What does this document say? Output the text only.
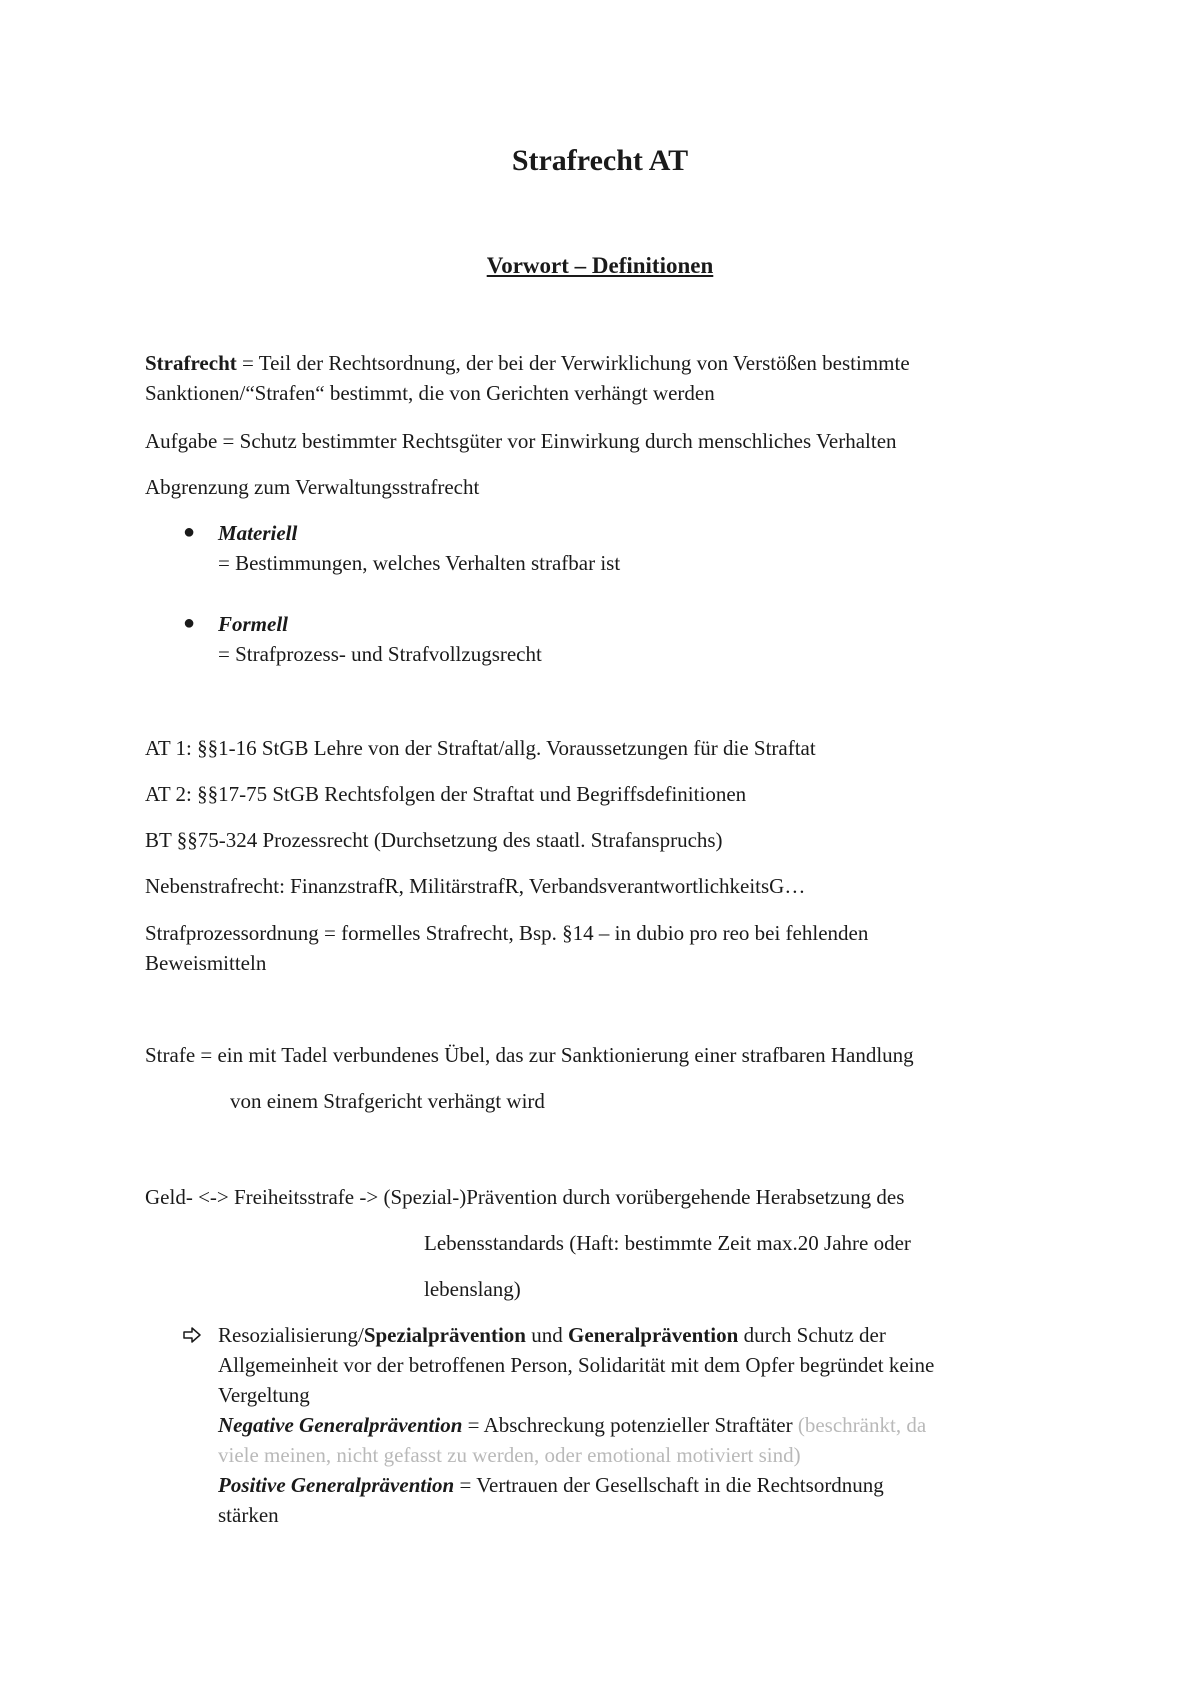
Strafrecht AT
Vorwort – Definitionen

Strafrecht = Teil der Rechtsordnung, der bei der Verwirklichung von Verstößen bestimmte

Sanktionen/“Strafen“ bestimmt, die von Gerichten verhängt werden

Aufgabe = Schutz bestimmter Rechtsgüter vor Einwirkung durch menschliches Verhalten

Abgrenzung zum Verwaltungsstrafrecht

● Materiell

= Bestimmungen, welches Verhalten strafbar ist

● Formell

= Strafprozess- und Strafvollzugsrecht

AT 1: §§1-16 StGB Lehre von der Straftat/allg. Voraussetzungen für die Straftat

AT 2: §§17-75 StGB Rechtsfolgen der Straftat und Begriffsdefinitionen

BT §§75-324 Prozessrecht (Durchsetzung des staatl. Strafanspruchs)

Nebenstrafrecht: FinanzstrafR, MilitärstrafR, VerbandsverantwortlichkeitsG…

Strafprozessordnung = formelles Strafrecht, Bsp. §14 – in dubio pro reo bei fehlenden

Beweismitteln

Strafe = ein mit Tadel verbundenes Übel, das zur Sanktionierung einer strafbaren Handlung

von einem Strafgericht verhängt wird

Geld- <-> Freiheitsstrafe -> (Spezial-)Prävention durch vorübergehende Herabsetzung des

Lebensstandards (Haft: bestimmte Zeit max.20 Jahre oder

lebenslang)

Resozialisierung/Spezialprävention und Generalprävention durch Schutz der

Allgemeinheit vor der betroffenen Person, Solidarität mit dem Opfer begründet keine

Vergeltung

Negative Generalprävention = Abschreckung potenzieller Straftäter (beschränkt, da

viele meinen, nicht gefasst zu werden, oder emotional motiviert sind)

Positive Generalprävention = Vertrauen der Gesellschaft in die Rechtsordnung

stärken
